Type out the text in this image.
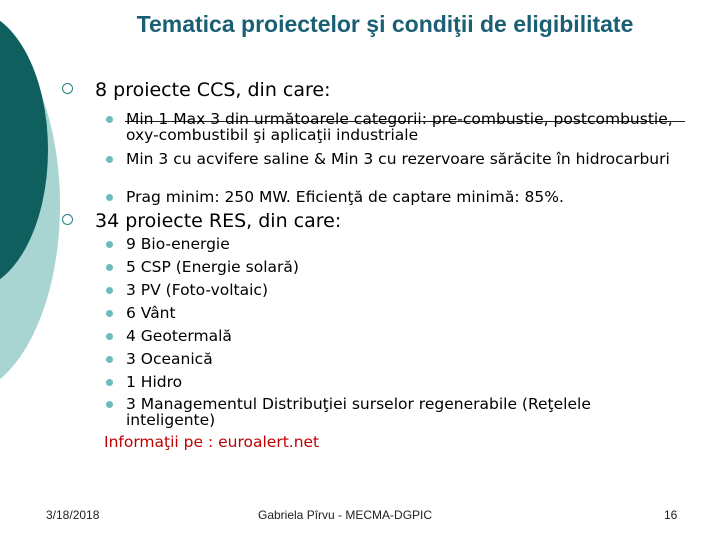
Tematica proiectelor şi condiţii de eligibilitate
8 proiecte CCS, din care:
Min 1 Max 3 din următoarele categorii: pre-combustie, postcombustie, oxy-combustibil şi aplicaţii industriale
Min 3 cu acvifere saline & Min 3 cu rezervoare sărăcite în hidrocarburi
Prag minim: 250 MW. Eficienţă de captare minimă: 85%.
34 proiecte RES, din care:
9 Bio-energie
5 CSP (Energie solară)
3 PV (Foto-voltaic)
6 Vânt
4 Geotermală
3 Oceanică
1 Hidro
3 Managementul Distribuţiei surselor regenerabile (Reţelele inteligente)
Informaţii pe : euroalert.net
3/18/2018	Gabriela Pîrvu - MECMA-DGPIC	16
